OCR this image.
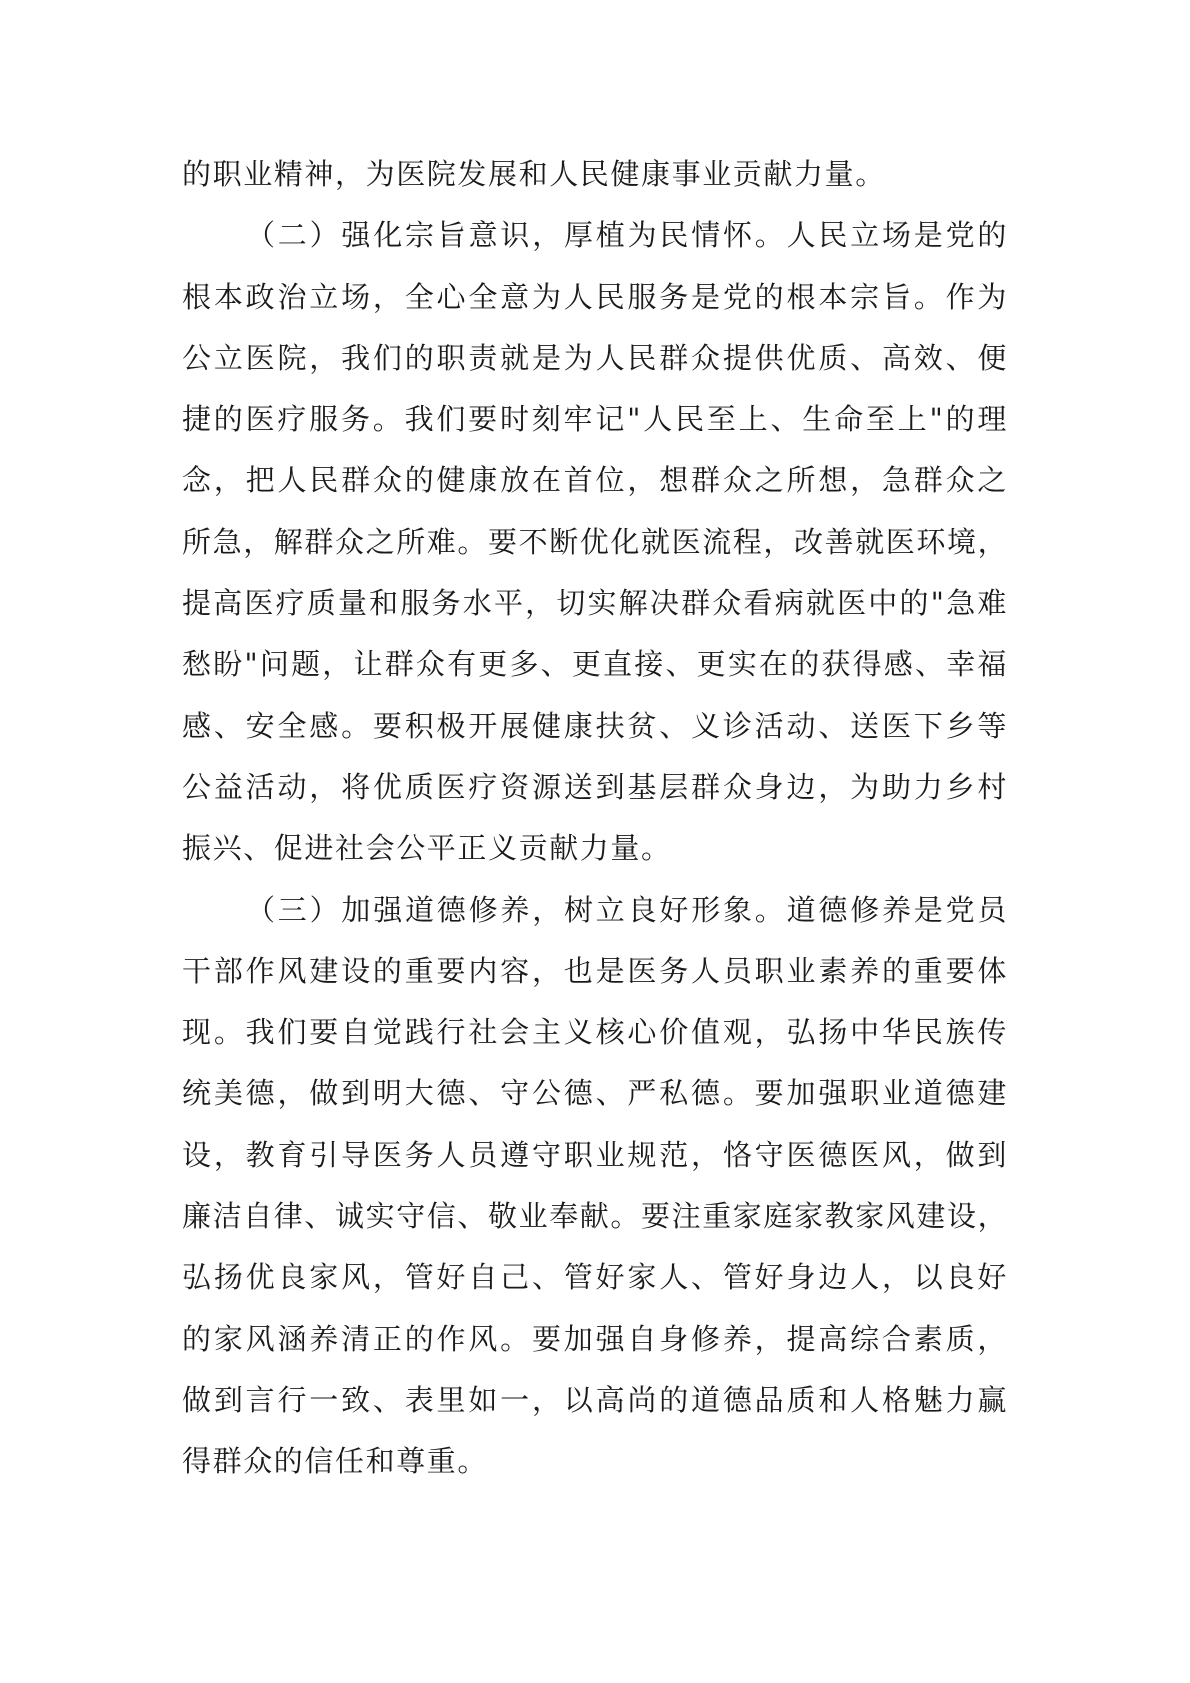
的职业精神，为医院发展和人民健康事业贡献力量。
（二）强化宗旨意识，厚植为民情怀。人民立场是党的
根本政治立场，全心全意为人民服务是党的根本宗旨。作为
公立医院，我们的职责就是为人民群众提供优质、高效、便
捷的医疗服务。我们要时刻牢记"人民至上、生命至上"的理
念，把人民群众的健康放在首位，想群众之所想，急群众之
所急，解群众之所难。要不断优化就医流程，改善就医环境，
提高医疗质量和服务水平，切实解决群众看病就医中的"急难
愁盼"问题，让群众有更多、更直接、更实在的获得感、幸福
感、安全感。要积极开展健康扶贫、义诊活动、送医下乡等
公益活动，将优质医疗资源送到基层群众身边，为助力乡村
振兴、促进社会公平正义贡献力量。
（三）加强道德修养，树立良好形象。道德修养是党员
干部作风建设的重要内容，也是医务人员职业素养的重要体
现。我们要自觉践行社会主义核心价值观，弘扬中华民族传
统美德，做到明大德、守公德、严私德。要加强职业道德建
设，教育引导医务人员遵守职业规范，恪守医德医风，做到
廉洁自律、诚实守信、敬业奉献。要注重家庭家教家风建设，
弘扬优良家风，管好自己、管好家人、管好身边人，以良好
的家风涵养清正的作风。要加强自身修养，提高综合素质，
做到言行一致、表里如一，以高尚的道德品质和人格魅力赢
得群众的信任和尊重。
